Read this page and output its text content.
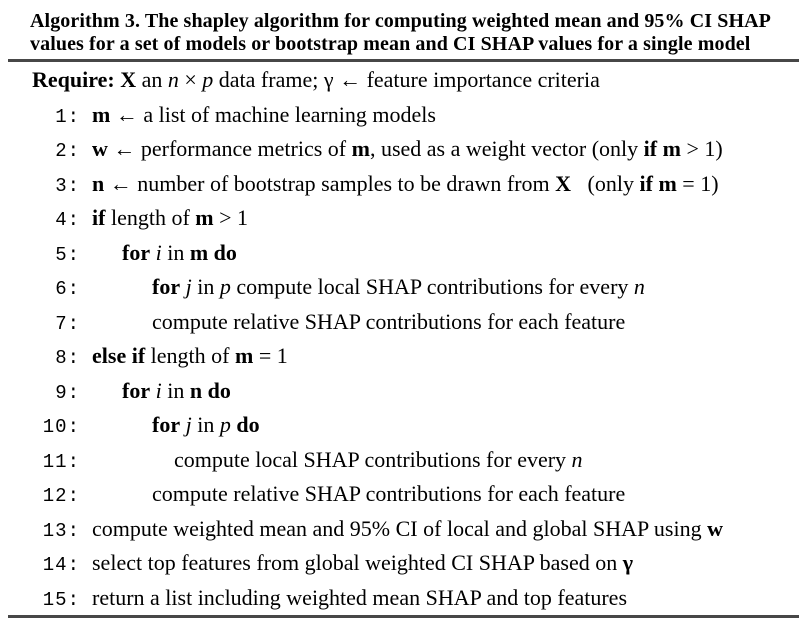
Algorithm 3. The shapley algorithm for computing weighted mean and 95% CI SHAP
values for a set of models or bootstrap mean and CI SHAP values for a single model
Require: X an n × p data frame; γ ← feature importance criteria
1: m ← a list of machine learning models
2: w ← performance metrics of m, used as a weight vector (only if m > 1)
3: n ← number of bootstrap samples to be drawn from X   (only if m = 1)
4: if length of m > 1
5: for i in m do
6:	for j in p compute local SHAP contributions for every n
7:	compute relative SHAP contributions for each feature
8: else if length of m = 1
9: for i in n do
10:	for j in p do
11:	compute local SHAP contributions for every n
12:	compute relative SHAP contributions for each feature
13: compute weighted mean and 95% CI of local and global SHAP using w
14: select top features from global weighted CI SHAP based on γ
15: return a list including weighted mean SHAP and top features
